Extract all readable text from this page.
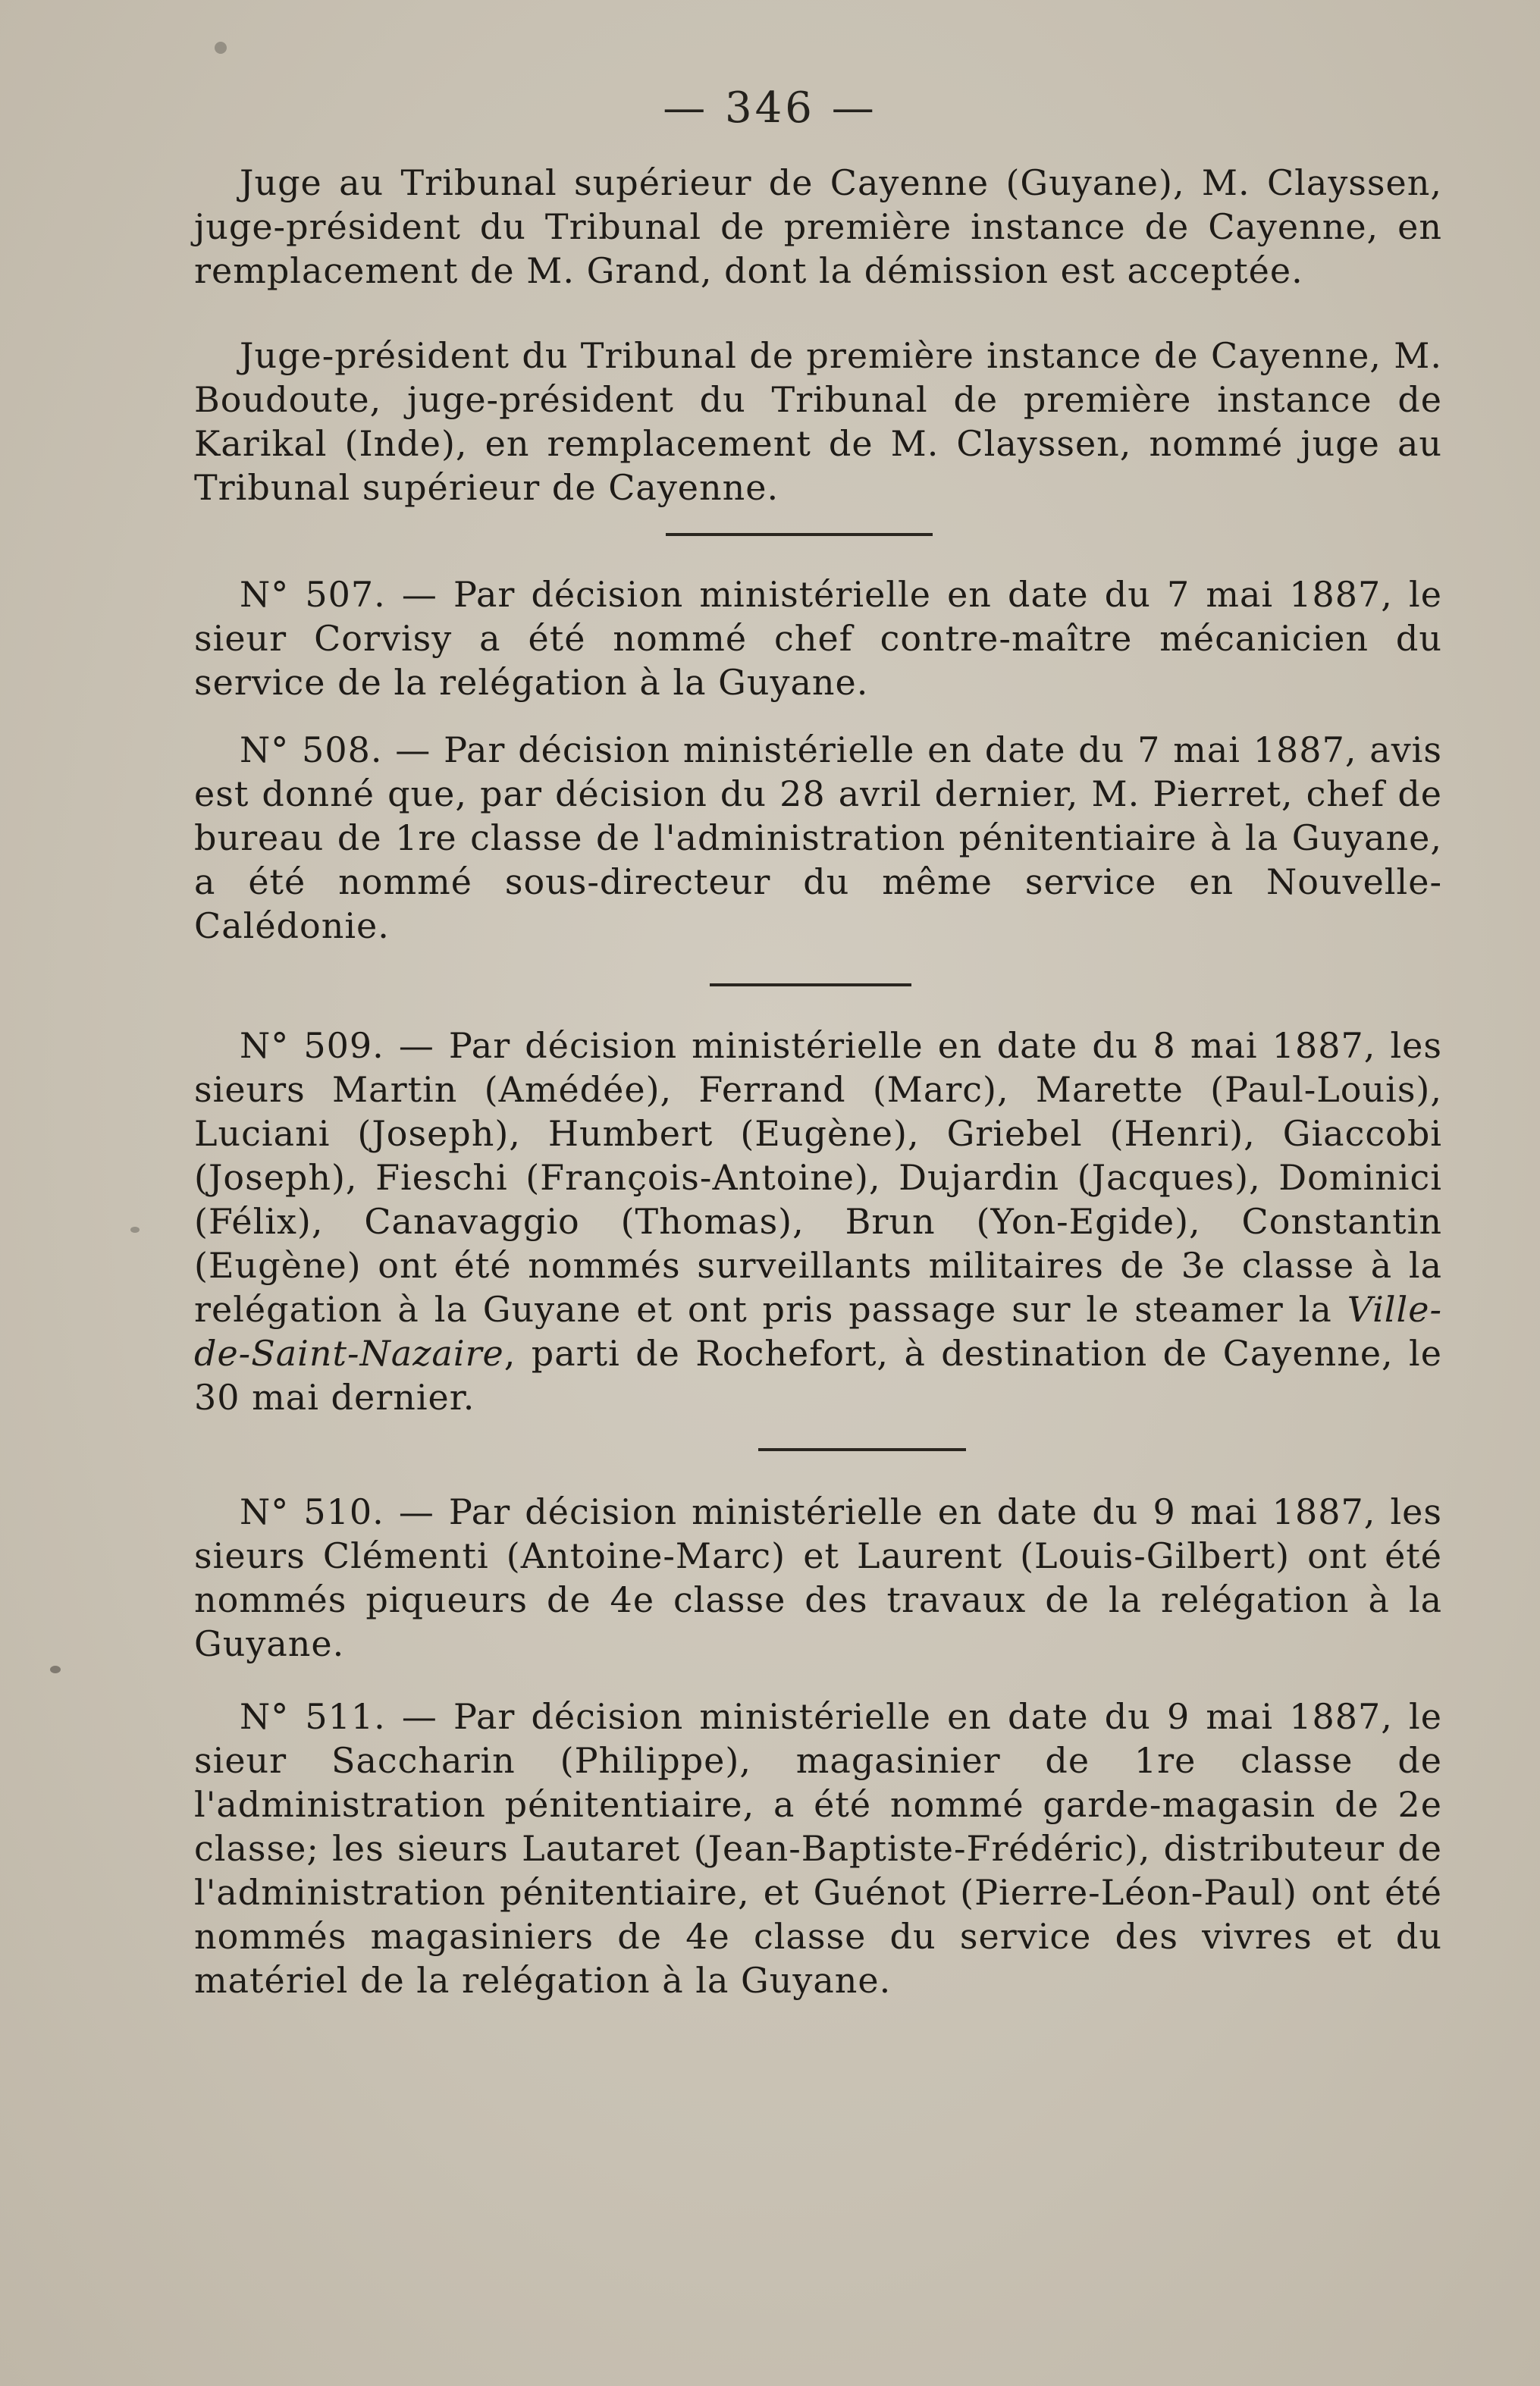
— 346 —

Juge au Tribunal supérieur de Cayenne (Guyane), M. Clayssen, juge-président du Tribunal de première instance de Cayenne, en remplacement de M. Grand, dont la démission est acceptée.

Juge-président du Tribunal de première instance de Cayenne, M. Boudoute, juge-président du Tribunal de première instance de Karikal (Inde), en remplacement de M. Clayssen, nommé juge au Tribunal supérieur de Cayenne.

N° 507. — Par décision ministérielle en date du 7 mai 1887, le sieur Corvisy a été nommé chef contre-maître mécanicien du service de la relégation à la Guyane.

N° 508. — Par décision ministérielle en date du 7 mai 1887, avis est donné que, par décision du 28 avril dernier, M. Pierret, chef de bureau de 1re classe de l'administration pénitentiaire à la Guyane, a été nommé sous-directeur du même service en Nouvelle-Calédonie.

N° 509. — Par décision ministérielle en date du 8 mai 1887, les sieurs Martin (Amédée), Ferrand (Marc), Marette (Paul-Louis), Luciani (Joseph), Humbert (Eugène), Griebel (Henri), Giaccobi (Joseph), Fieschi (François-Antoine), Dujardin (Jacques), Dominici (Félix), Canavaggio (Thomas), Brun (Yon-Egide), Constantin (Eugène) ont été nommés surveillants militaires de 3e classe à la relégation à la Guyane et ont pris passage sur le steamer la Ville-de-Saint-Nazaire, parti de Rochefort, à destination de Cayenne, le 30 mai dernier.

N° 510. — Par décision ministérielle en date du 9 mai 1887, les sieurs Clémenti (Antoine-Marc) et Laurent (Louis-Gilbert) ont été nommés piqueurs de 4e classe des travaux de la relégation à la Guyane.

N° 511. — Par décision ministérielle en date du 9 mai 1887, le sieur Saccharin (Philippe), magasinier de 1re classe de l'administration pénitentiaire, a été nommé garde-magasin de 2e classe; les sieurs Lautaret (Jean-Baptiste-Frédéric), distributeur de l'administration pénitentiaire, et Guénot (Pierre-Léon-Paul) ont été nommés magasiniers de 4e classe du service des vivres et du matériel de la relégation à la Guyane.
